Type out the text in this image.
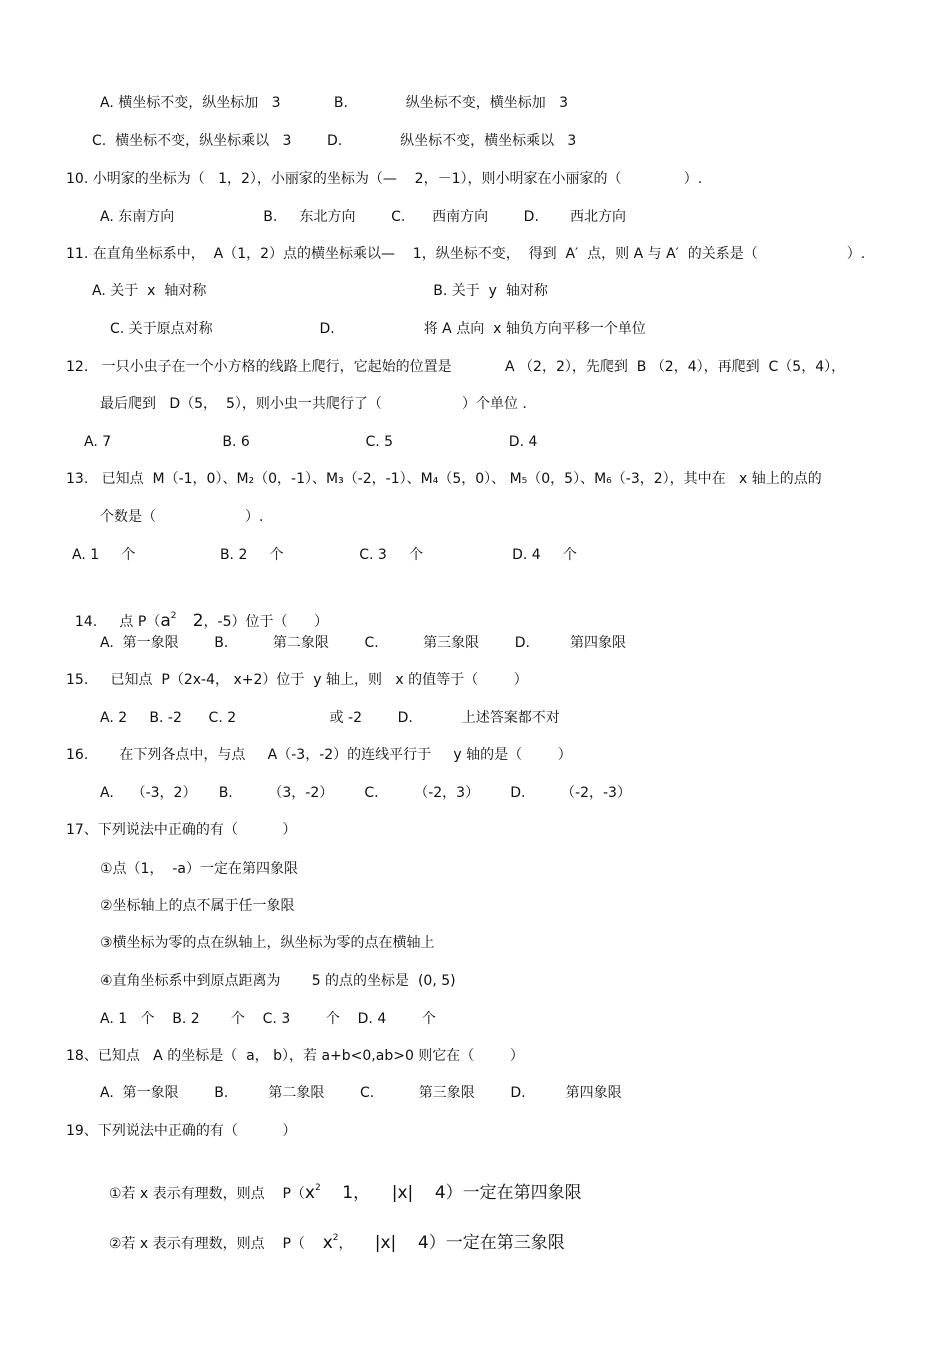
A. 横坐标不变，纵坐标加   3            B.             纵坐标不变，横坐标加   3
C.  横坐标不变，纵坐标乘以   3        D.             纵坐标不变，横坐标乘以   3
10. 小明家的坐标为（   1，2），小丽家的坐标为（—    2，－1），则小明家在小丽家的（              ）.
A. 东南方向                    B.     东北方向        C.      西南方向        D.       西北方向
11. 在直角坐标系中，  A（1，2）点的横坐标乘以—    1，纵坐标不变，  得到  A′  点，则 A 与 A′  的关系是（                    ）.
A. 关于  x  轴对称                                                   B. 关于  y  轴对称
C. 关于原点对称                        D.                    将 A 点向  x 轴负方向平移一个单位
12.   一只小虫子在一个小方格的线路上爬行，它起始的位置是            A （2，2），先爬到  B （2，4），再爬到  C（5，4），
最后爬到   D（5，  5），则小虫一共爬行了（                  ）个单位 .
A. 7                         B. 6                          C. 5                          D. 4
13.   已知点  M（-1，0）、M₂（0，-1）、M₃（-2，-1）、M₄（5，0）、 M₅（0，5）、M₆（-3，2），其中在   x 轴上的点的
个数是（                    ）.
A. 1     个                   B. 2     个                 C. 3     个                    D. 4     个

14.     点 $P(a^2$   2，-5）位于（      ）

A.  第一象限        B.          第二象限        C.          第三象限        D.         第四象限
15.     已知点  P（2x-4， x+2）位于  y 轴上，则   x 的值等于（        ）
A. 2     B. -2      C. 2                     或 -2        D.           上述答案都不对
16.       在下列各点中，与点     A（-3，-2）的连线平行于     y 轴的是（        ）
A.    （-3，2）     B.        （3，-2）       C.        （-2，3）       D.        （-2，-3）
17、下列说法中正确的有（          ）
①点（1，  -a）一定在第四象限
②坐标轴上的点不属于任一象限
③横坐标为零的点在纵轴上，纵坐标为零的点在横轴上
④直角坐标系中到原点距离为       5 的点的坐标是  (0, 5)
A. 1   个    B. 2       个    C. 3        个    D. 4        个
18、已知点   A 的坐标是（  a， b），若 a+b<0,ab>0 则它在（        ）
A.  第一象限        B.         第二象限        C.          第三象限        D.         第四象限
19、下列说法中正确的有（          ）

①若 x 表示有理数，则点    $P(x^2$    1，    |x|    4）一定在第四象限

②若 x 表示有理数，则点    P（    $x^2$，     |x|    4）一定在第三象限
